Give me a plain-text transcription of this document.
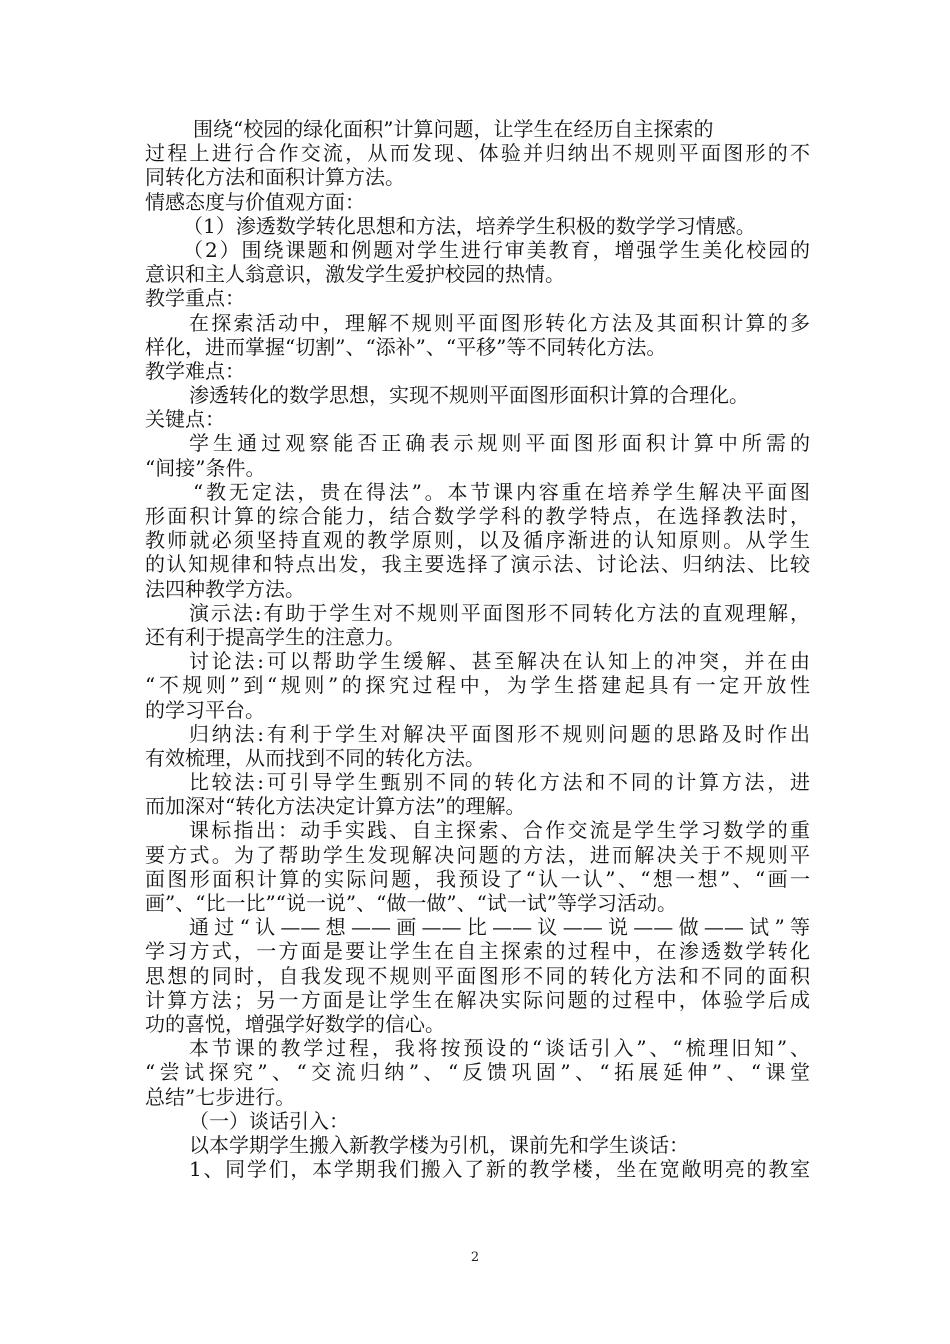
围绕“校园的绿化面积”计算问题，让学生在经历自主探索的
过程上进行合作交流，从而发现、体验并归纳出不规则平面图形的不
同转化方法和面积计算方法。
情感态度与价值观方面：
（1）渗透数学转化思想和方法，培养学生积极的数学学习情感。
（2）围绕课题和例题对学生进行审美教育，增强学生美化校园的
意识和主人翁意识，激发学生爱护校园的热情。
教学重点：
在探索活动中，理解不规则平面图形转化方法及其面积计算的多
样化，进而掌握“切割”、“添补”、“平移”等不同转化方法。
教学难点：
渗透转化的数学思想，实现不规则平面图形面积计算的合理化。
关键点：
学生通过观察能否正确表示规则平面图形面积计算中所需的
“间接”条件。
“教无定法，贵在得法”。本节课内容重在培养学生解决平面图
形面积计算的综合能力，结合数学学科的教学特点，在选择教法时，
教师就必须坚持直观的教学原则，以及循序渐进的认知原则。从学生
的认知规律和特点出发，我主要选择了演示法、讨论法、归纳法、比较
法四种教学方法。
演示法:有助于学生对不规则平面图形不同转化方法的直观理解，
还有利于提高学生的注意力。
讨论法:可以帮助学生缓解、甚至解决在认知上的冲突，并在由
“不规则”到“规则”的探究过程中，为学生搭建起具有一定开放性
的学习平台。
归纳法:有利于学生对解决平面图形不规则问题的思路及时作出
有效梳理，从而找到不同的转化方法。
比较法:可引导学生甄别不同的转化方法和不同的计算方法，进
而加深对“转化方法决定计算方法”的理解。
课标指出：动手实践、自主探索、合作交流是学生学习数学的重
要方式。为了帮助学生发现解决问题的方法，进而解决关于不规则平
面图形面积计算的实际问题，我预设了“认一认”、“想一想”、“画一
画”、“比一比”“说一说”、“做一做”、“试一试”等学习活动。
通过“认——想——画——比——议——说——做——试”等
学习方式，一方面是要让学生在自主探索的过程中，在渗透数学转化
思想的同时，自我发现不规则平面图形不同的转化方法和不同的面积
计算方法；另一方面是让学生在解决实际问题的过程中，体验学后成
功的喜悦，增强学好数学的信心。
本节课的教学过程，我将按预设的“谈话引入”、“梳理旧知”、
“尝试探究”、“交流归纳”、“反馈巩固”、“拓展延伸”、“课堂
总结”七步进行。
（一）谈话引入：
以本学期学生搬入新教学楼为引机，课前先和学生谈话：
1、同学们，本学期我们搬入了新的教学楼，坐在宽敞明亮的教室
2
